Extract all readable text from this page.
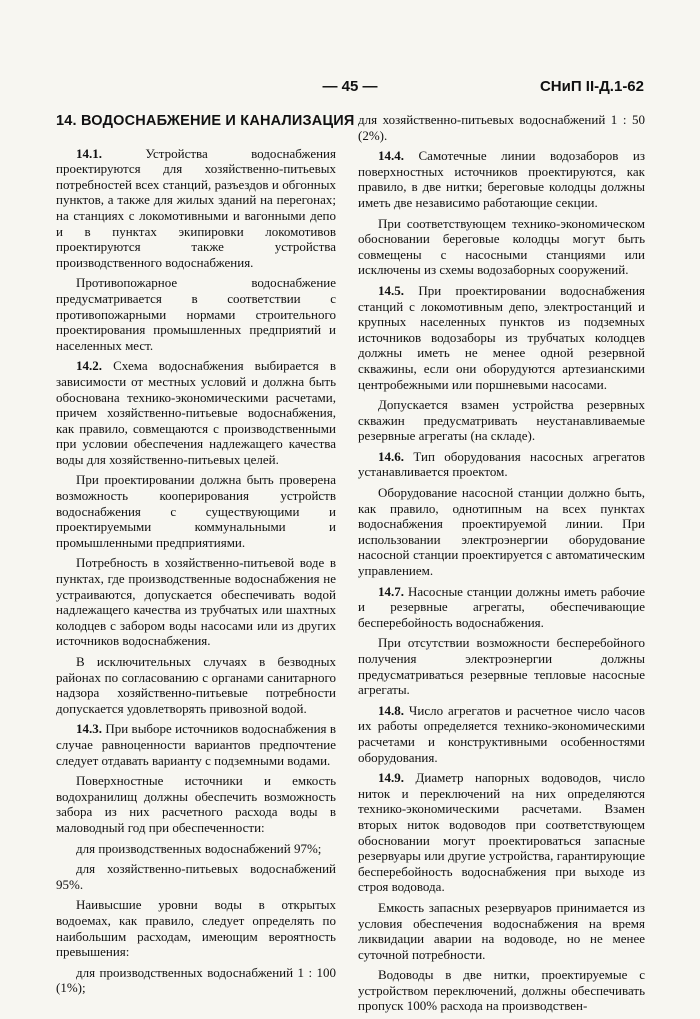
— 45 —	СНиП II-Д.1-62
14. ВОДОСНАБЖЕНИЕ И КАНАЛИЗАЦИЯ

14.1.	Устройства водоснабжения проектируются для хозяйственно-питьевых потребностей всех станций, разъездов и обгонных пунктов, а также для жилых зданий на перегонах; на станциях с локомотивными и вагонными депо и в пунктах экипировки локомотивов проектируются также устройства производственного водоснабжения.

Противопожарное водоснабжение предусматривается в соответствии с противопожарными нормами строительного проектирования промышленных предприятий и населенных мест.

14.2. Схема водоснабжения выбирается в зависимости от местных условий и должна быть обоснована технико-экономическими расчетами, причем хозяйственно-питьевые водоснабжения, как правило, совмещаются с производственными при условии обеспечения надлежащего качества воды для хозяйственно-питьевых целей.

При проектировании должна быть проверена возможность кооперирования устройств водоснабжения с существующими и проектируемыми коммунальными и промышленными предприятиями.

Потребность в хозяйственно-питьевой воде в пунктах, где производственные водоснабжения не устраиваются, допускается обеспечивать водой надлежащего качества из трубчатых или шахтных колодцев с забором воды насосами или из других источников водоснабжения.

В исключительных случаях в безводных районах по согласованию с органами санитарного надзора хозяйственно-питьевые потребности допускается удовлетворять привозной водой.

14.3. При выборе источников водоснабжения в случае равноценности вариантов предпочтение следует отдавать варианту с подземными водами.

Поверхностные источники и емкость водохранилищ должны обеспечить возможность забора из них расчетного расхода воды в маловодный год при обеспеченности:

для производственных водоснабжений 97%;

для хозяйственно-питьевых водоснабжений 95%.

Наивысшие уровни воды в открытых водоемах, как правило, следует определять по наибольшим расходам, имеющим вероятность превышения:

для производственных водоснабжений 1 : 100 (1%);

для хозяйственно-питьевых водоснабжений 1 : 50 (2%).

14.4. Самотечные линии водозаборов из поверхностных источников проектируются, как правило, в две нитки; береговые колодцы должны иметь две независимо работающие секции.

При соответствующем технико-экономическом обосновании береговые колодцы могут быть совмещены с насосными станциями или исключены из схемы водозаборных сооружений.

14.5. При проектировании водоснабжения станций с локомотивным депо, электростанций и крупных населенных пунктов из подземных источников водозаборы из трубчатых колодцев должны иметь не менее одной резервной скважины, если они оборудуются артезианскими центробежными или поршневыми насосами.

Допускается взамен устройства резервных скважин предусматривать неустанавливаемые резервные агрегаты (на складе).

14.6. Тип оборудования насосных агрегатов устанавливается проектом.

Оборудование насосной станции должно быть, как правило, однотипным на всех пунктах водоснабжения проектируемой линии. При использовании электроэнергии оборудование насосной станции проектируется с автоматическим управлением.

14.7. Насосные станции должны иметь рабочие и резервные агрегаты, обеспечивающие бесперебойность водоснабжения.

При отсутствии возможности бесперебойного получения электроэнергии должны предусматриваться резервные тепловые насосные агрегаты.

14.8. Число агрегатов и расчетное число часов их работы определяется технико-экономическими расчетами и конструктивными особенностями оборудования.

14.9. Диаметр напорных водоводов, число ниток и переключений на них определяются технико-экономическими расчетами. Взамен вторых ниток водоводов при соответствующем обосновании могут проектироваться запасные резервуары или другие устройства, гарантирующие бесперебойность водоснабжения при выходе из строя водовода.

Емкость запасных резервуаров принимается из условия обеспечения водоснабжения на время ликвидации аварии на водоводе, но не менее суточной потребности.

Водоводы в две нитки, проектируемые с устройством переключений, должны обеспечивать пропуск 100% расхода на производствен-
